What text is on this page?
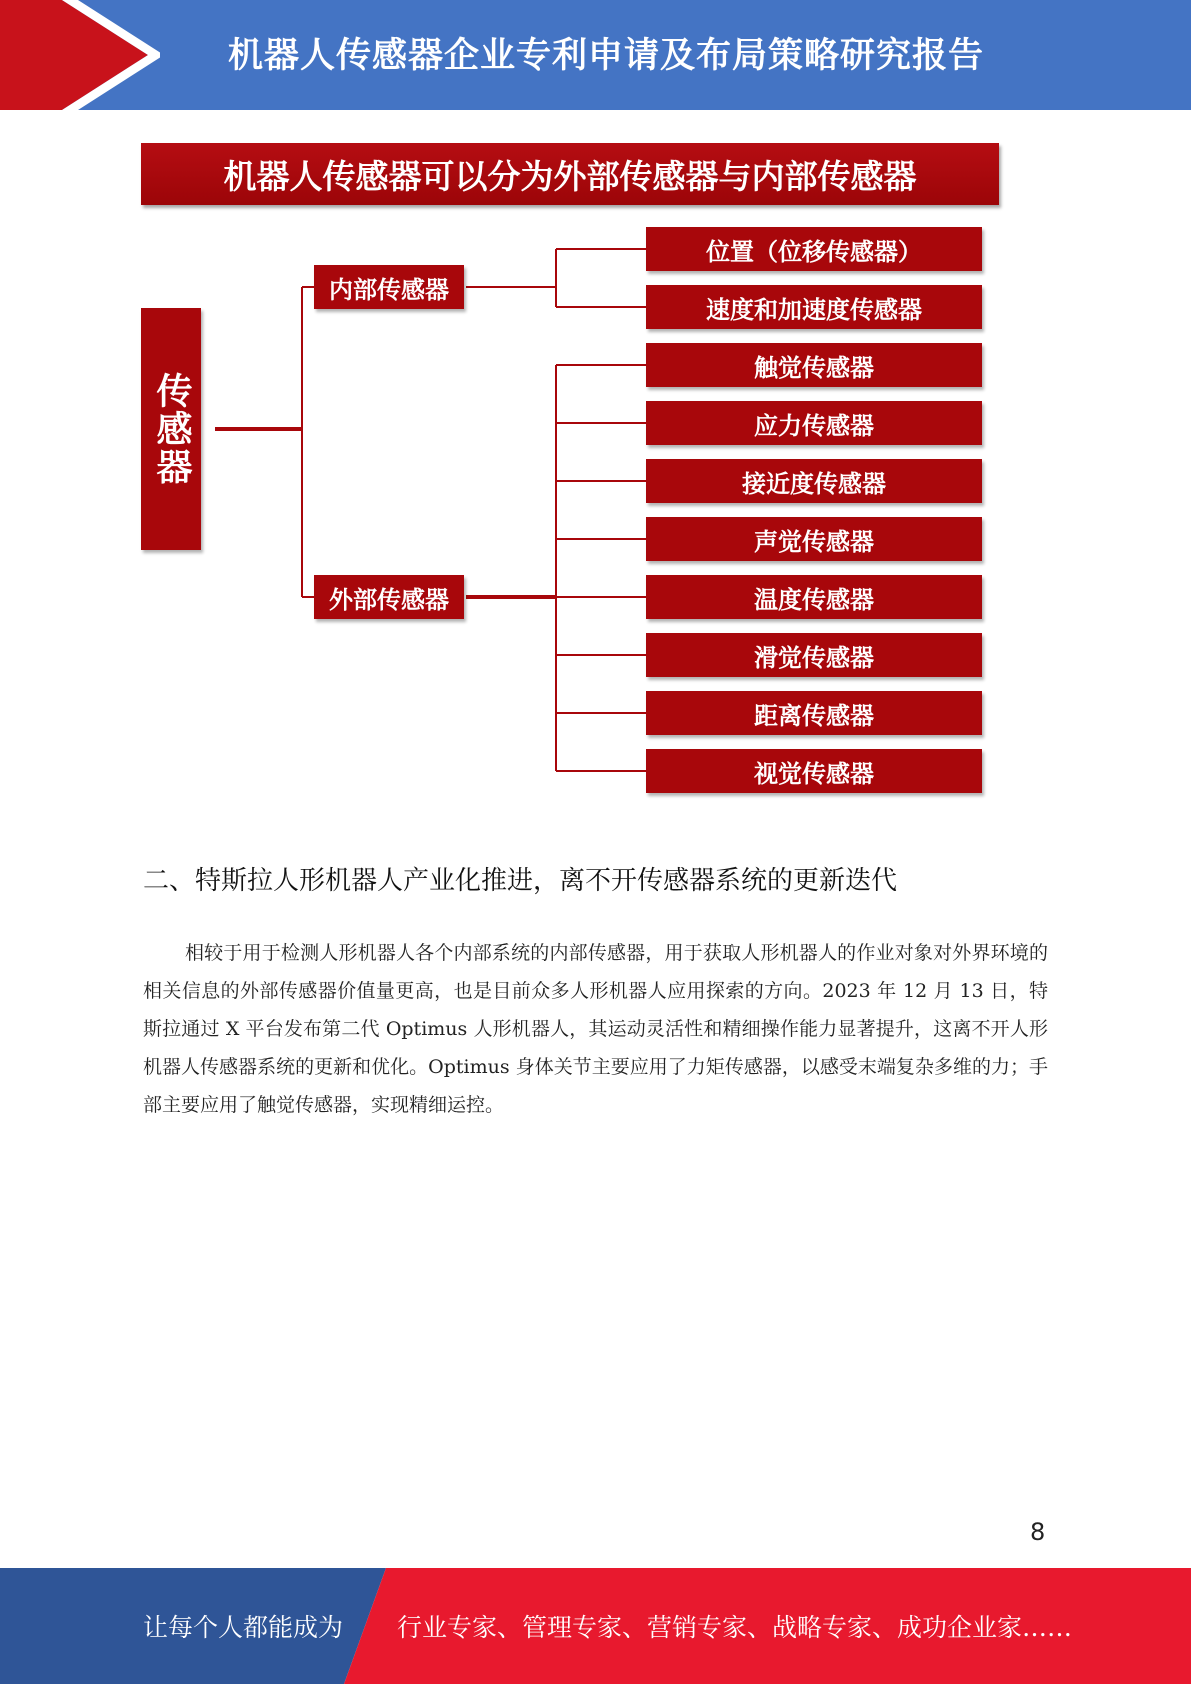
机器人传感器企业专利申请及布局策略研究报告
机器人传感器可以分为外部传感器与内部传感器
传感器
内部传感器
外部传感器
位置（位移传感器）
速度和加速度传感器
触觉传感器
应力传感器
接近度传感器
声觉传感器
温度传感器
滑觉传感器
距离传感器
视觉传感器
二、特斯拉人形机器人产业化推进，离不开传感器系统的更新迭代

相较于用于检测人形机器人各个内部系统的内部传感器，用于获取人形机器人的作业对象对外界环境的相关信息的外部传感器价值量更高，也是目前众多人形机器人应用探索的方向。2023 年 12 月 13 日，特斯拉通过 X 平台发布第二代 Optimus 人形机器人，其运动灵活性和精细操作能力显著提升，这离不开人形机器人传感器系统的更新和优化。Optimus 身体关节主要应用了力矩传感器，以感受末端复杂多维的力；手部主要应用了触觉传感器，实现精细运控。

8
让每个人都能成为 行业专家、管理专家、营销专家、战略专家、成功企业家……
